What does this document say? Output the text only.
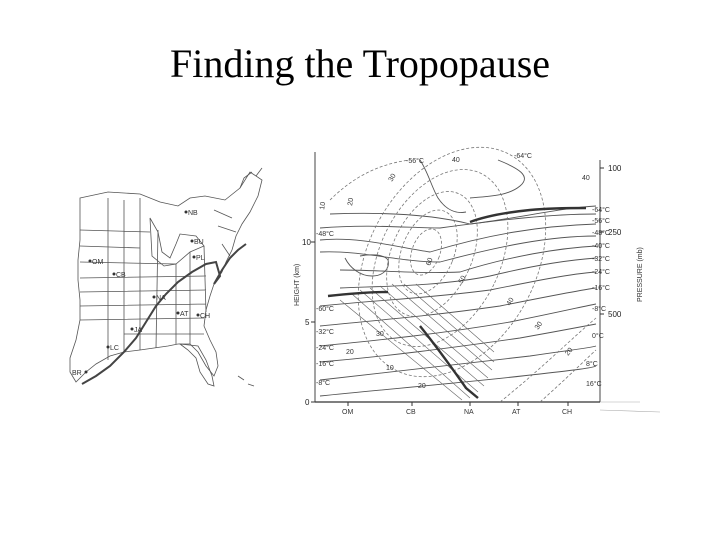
Finding the Tropopause
NB
BU
PL
OM
CB
NA
AT CH
JA
LC
BR
HEIGHT (km)	PRESSURE (mb)
10
5
0
100
250
500
OM	CB	NA	AT	CH
-48°C
-60°C
-32°C
-24°C
-16°C
-8°C
-64°C
-56°C
-48°C
-40°C
-32°C
-24°C
-16°C
-8°C
0°C
8°C
16°C
-56°C
-64°C
10	20
30
40
50
60
40
30
20
10
20
40
30
20
